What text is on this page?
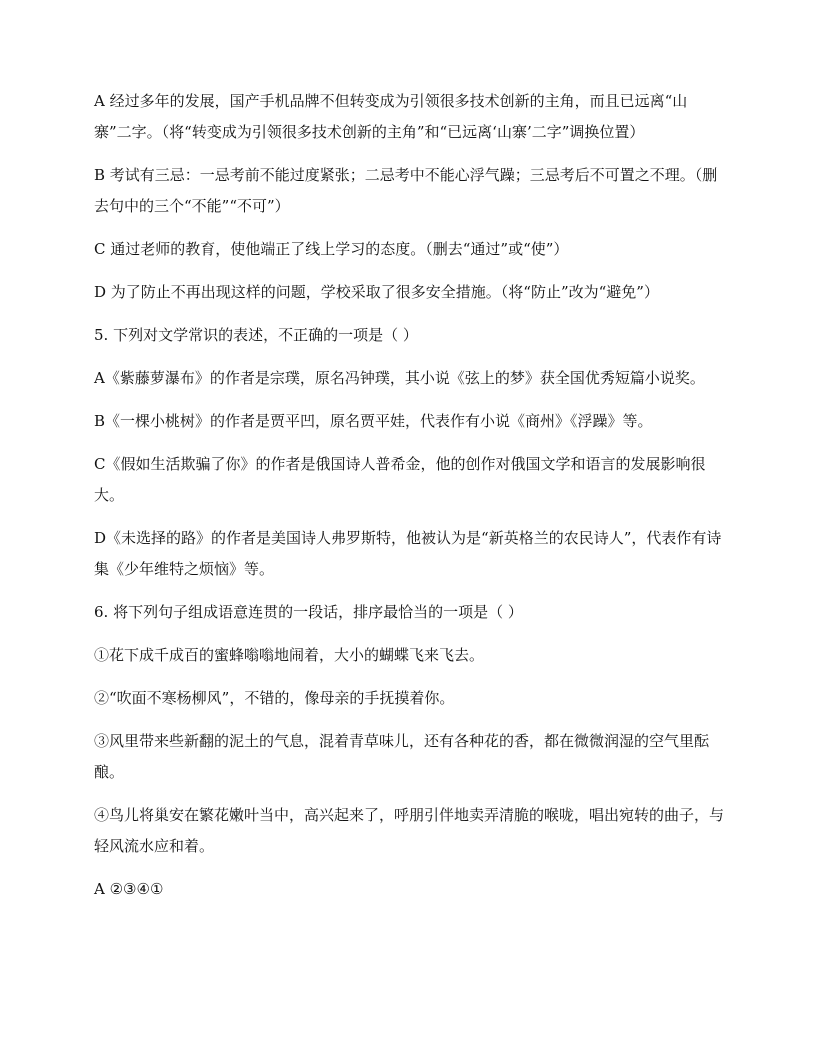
A 经过多年的发展，国产手机品牌不但转变成为引领很多技术创新的主角，而且已远离“山寨”二字。（将“转变成为引领很多技术创新的主角”和“已远离‘山寨’二字”调换位置）

B 考试有三忌：一忌考前不能过度紧张；二忌考中不能心浮气躁；三忌考后不可置之不理。（删去句中的三个“不能”“不可”）

C 通过老师的教育，使他端正了线上学习的态度。（删去“通过”或“使”）

D 为了防止不再出现这样的问题，学校采取了很多安全措施。（将“防止”改为“避免”）

5. 下列对文学常识的表述，不正确的一项是（ ）

A《紫藤萝瀑布》的作者是宗璞，原名冯钟璞，其小说《弦上的梦》获全国优秀短篇小说奖。

B《一棵小桃树》的作者是贾平凹，原名贾平娃，代表作有小说《商州》《浮躁》等。

C《假如生活欺骗了你》的作者是俄国诗人普希金，他的创作对俄国文学和语言的发展影响很大。

D《未选择的路》的作者是美国诗人弗罗斯特，他被认为是“新英格兰的农民诗人”，代表作有诗集《少年维特之烦恼》等。

6. 将下列句子组成语意连贯的一段话，排序最恰当的一项是（ ）

①花下成千成百的蜜蜂嗡嗡地闹着，大小的蝴蝶飞来飞去。

②“吹面不寒杨柳风”，不错的，像母亲的手抚摸着你。

③风里带来些新翻的泥土的气息，混着青草味儿，还有各种花的香，都在微微润湿的空气里酝酿。

④鸟儿将巢安在繁花嫩叶当中，高兴起来了，呼朋引伴地卖弄清脆的喉咙，唱出宛转的曲子，与轻风流水应和着。

A ②③④①
